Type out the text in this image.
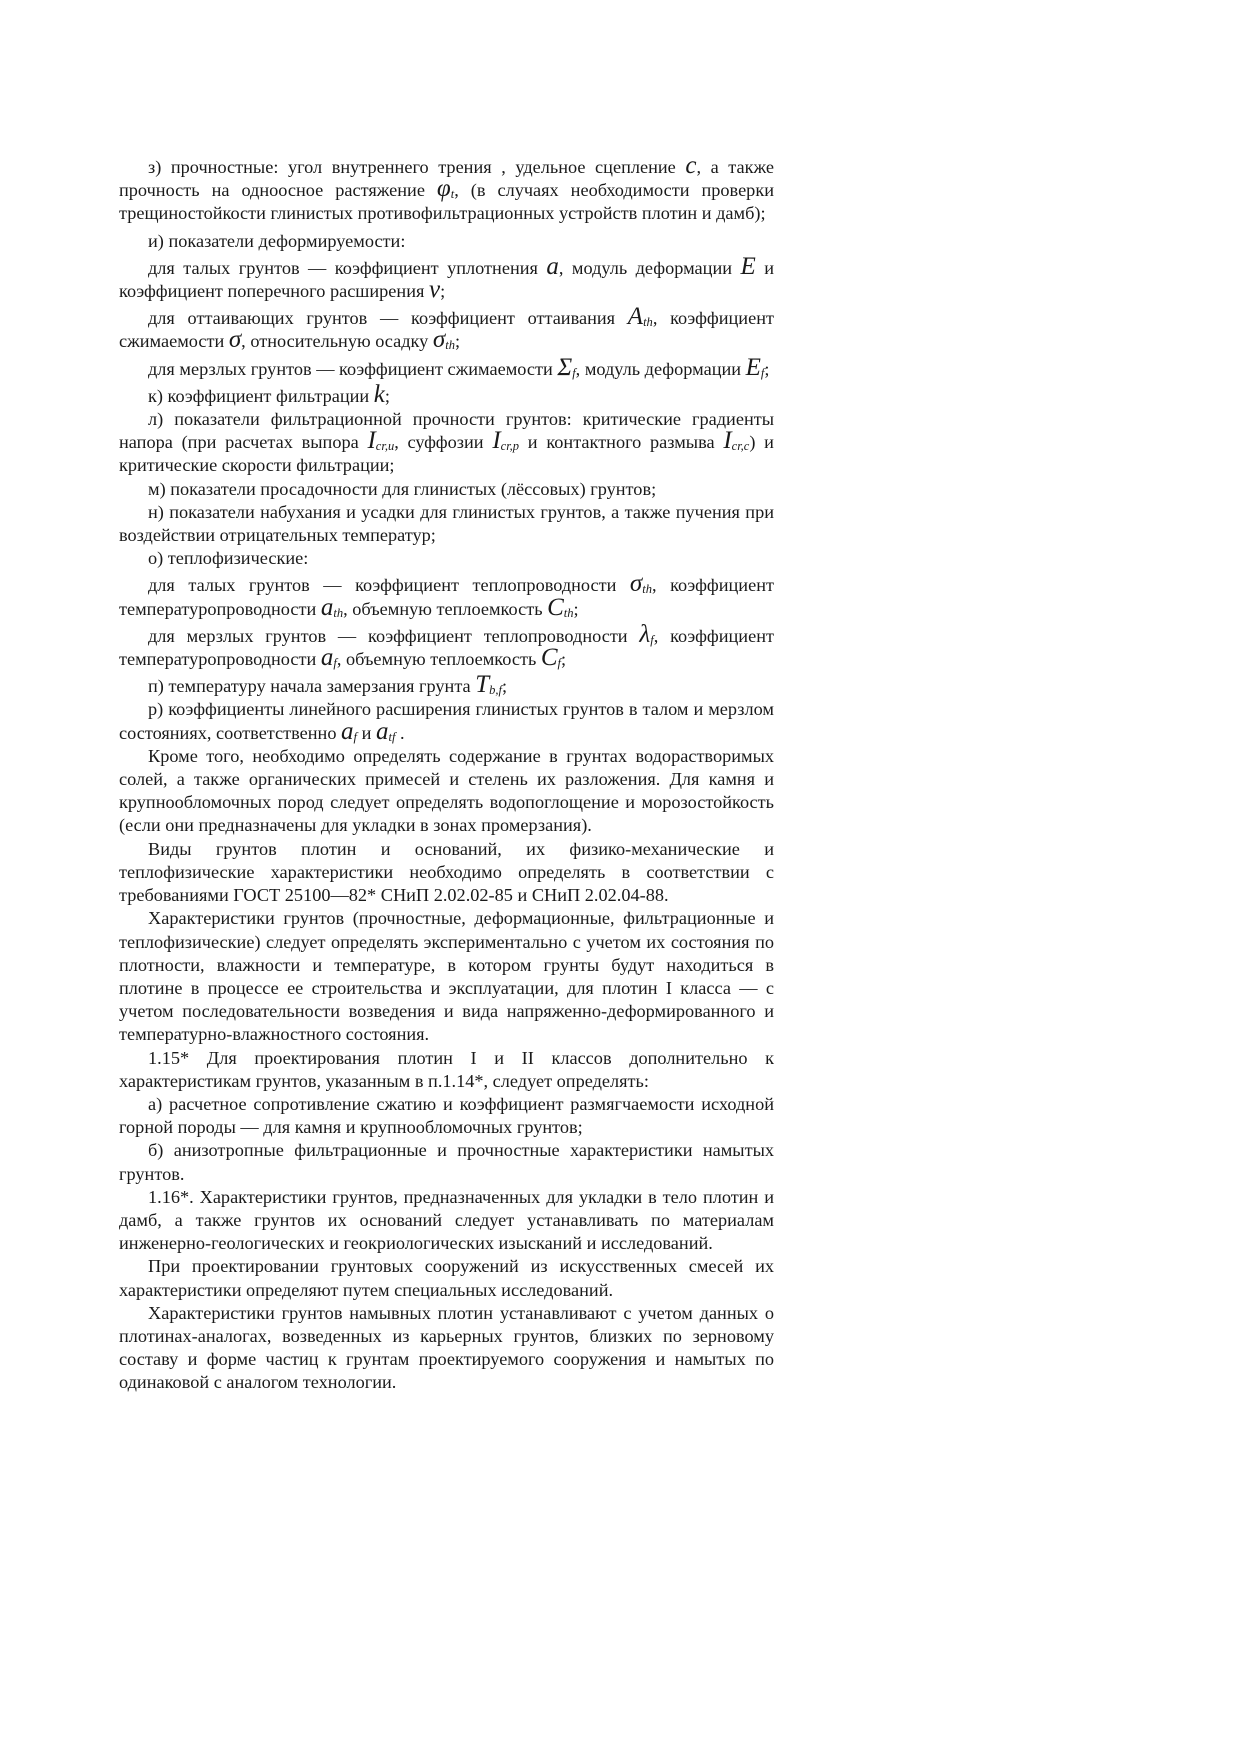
з) прочностные: угол внутреннего трения , удельное сцепление c, а также прочность на одноосное растяжение φt, (в случаях необходимости проверки трещиностойкости глинистых противофильтрационных устройств плотин и дамб);

и) показатели деформируемости:

для талых грунтов — коэффициент уплотнения a, модуль деформации E и коэффициент поперечного расширения v;

для оттаивающих грунтов — коэффициент оттаивания Ath, коэффициент сжимаемости σ, относительную осадку σth;

для мерзлых грунтов — коэффициент сжимаемости Σf, модуль деформации Ef;

к) коэффициент фильтрации k;

л) показатели фильтрационной прочности грунтов: критические градиенты напора (при расчетах выпора Icr,u, суффозии Icr,p и контактного размыва Icr,c) и критические скорости фильтрации;

м) показатели просадочности для глинистых (лёссовых) грунтов;

н) показатели набухания и усадки для глинистых грунтов, а также пучения при воздействии отрицательных температур;

о) теплофизические:

для талых грунтов — коэффициент теплопроводности σth, коэффициент температуропроводности ath, объемную теплоемкость Cth;

для мерзлых грунтов — коэффициент теплопроводности λf, коэффициент температуропроводности af, объемную теплоемкость Cf;

п) температуру начала замерзания грунта Tb,f;

р) коэффициенты линейного расширения глинистых грунтов в талом и мерзлом состояниях, соответственно af и atf .

Кроме того, необходимо определять содержание в грунтах водорастворимых солей, а также органических примесей и стелень их разложения. Для камня и крупнообломочных пород следует определять водопоглощение и морозостойкость (если они предназначены для укладки в зонах промерзания).

Виды грунтов плотин и оснований, их физико-механические и теплофизические характеристики необходимо определять в соответствии с требованиями ГОСТ 25100—82* СНиП 2.02.02-85 и СНиП 2.02.04-88.

Характеристики грунтов (прочностные, деформационные, фильтрационные и теплофизические) следует определять экспериментально с учетом их состояния по плотности, влажности и температуре, в котором грунты будут находиться в плотине в процессе ее строительства и эксплуатации, для плотин I класса — с учетом последовательности возведения и вида напряженно-деформированного и температурно-влажностного состояния.

1.15* Для проектирования плотин I и II классов дополнительно к характеристикам грунтов, указанным в п.1.14*, следует определять:

а) расчетное сопротивление сжатию и коэффициент размягчаемости исходной горной породы — для камня и крупнообломочных грунтов;

б) анизотропные фильтрационные и прочностные характеристики намытых грунтов.

1.16*. Характеристики грунтов, предназначенных для укладки в тело плотин и дамб, а также грунтов их оснований следует устанавливать по материалам инженерно-геологических и геокриологических изысканий и исследований.

При проектировании грунтовых сооружений из искусственных смесей их характеристики определяют путем специальных исследований.

Характеристики грунтов намывных плотин устанавливают с учетом данных о плотинах-аналогах, возведенных из карьерных грунтов, близких по зерновому составу и форме частиц к грунтам проектируемого сооружения и намытых по одинаковой с аналогом технологии.
